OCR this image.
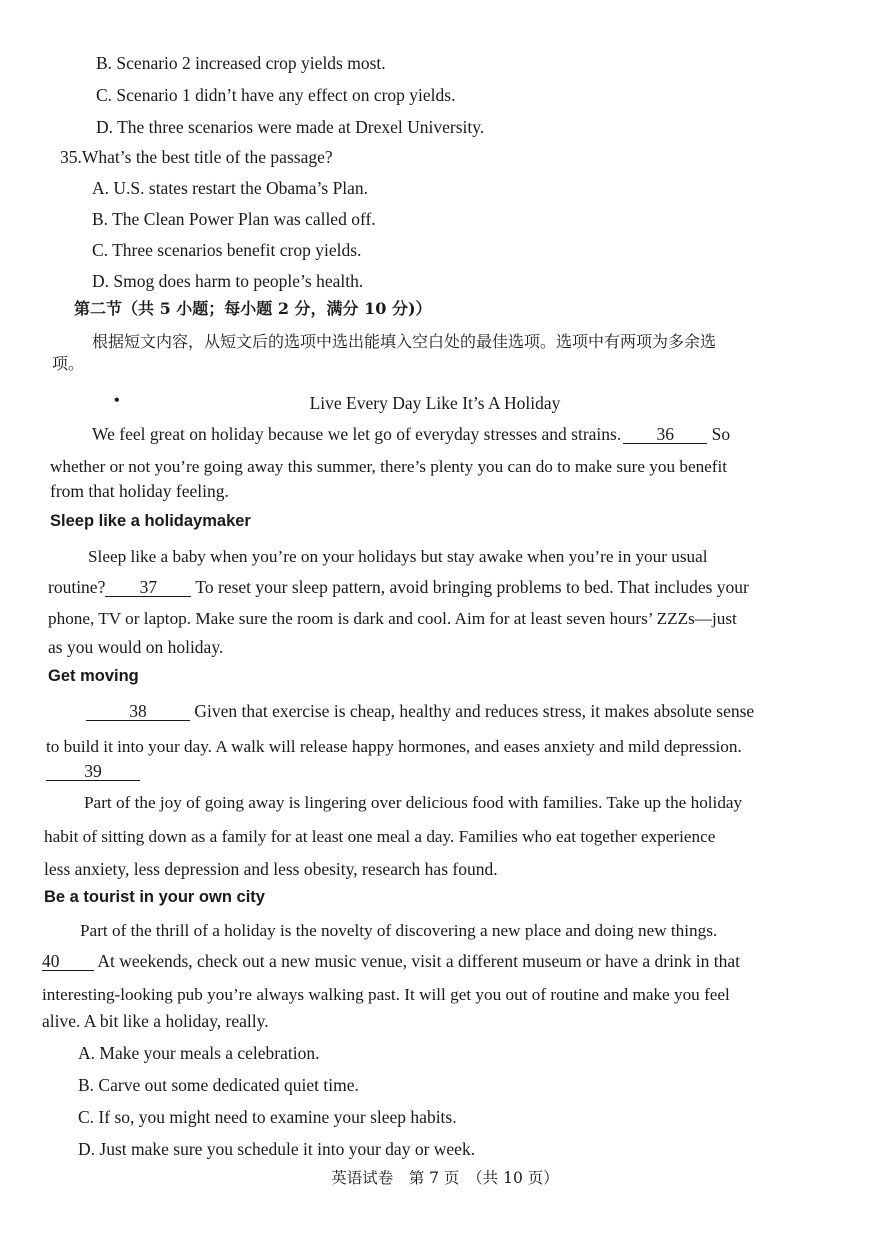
B. Scenario 2 increased crop yields most.
C. Scenario 1 didn’t have any effect on crop yields.
D. The three scenarios were made at Drexel University.
35.What’s the best title of the passage?
A. U.S. states restart the Obama’s Plan.
B. The Clean Power Plan was called off.
C. Three scenarios benefit crop yields.
D. Smog does harm to people’s health.
第二节（共 5 小题；每小题 2 分，满分 10 分)）
根据短文内容，从短文后的选项中选出能填入空白处的最佳选项。选项中有两项为多余选
项。
•	Live Every Day Like It’s A Holiday
We feel great on holiday because we let go of everyday stresses and strains. 36 So
whether or not you’re going away this summer, there’s plenty you can do to make sure you benefit
from that holiday feeling.
Sleep like a holidaymaker
Sleep like a baby when you’re on your holidays but stay awake when you’re in your usual
routine? 37 To reset your sleep pattern, avoid bringing problems to bed. That includes your
phone, TV or laptop. Make sure the room is dark and cool. Aim for at least seven hours’ ZZZs—just
as you would on holiday.
Get moving
38	Given that exercise is cheap, healthy and reduces stress, it makes absolute sense
to build it into your day. A walk will release happy hormones, and eases anxiety and mild depression.
39
Part of the joy of going away is lingering over delicious food with families. Take up the holiday
habit of sitting down as a family for at least one meal a day. Families who eat together experience
less anxiety, less depression and less obesity, research has found.
Be a tourist in your own city
Part of the thrill of a holiday is the novelty of discovering a new place and doing new things.
40 At weekends, check out a new music venue, visit a different museum or have a drink in that
interesting-looking pub you’re always walking past. It will get you out of routine and make you feel
alive. A bit like a holiday, really.
A. Make your meals a celebration.
B. Carve out some dedicated quiet time.
C. If so, you might need to examine your sleep habits.
D. Just make sure you schedule it into your day or week.
英语试卷　第 7 页　（共 10 页）
